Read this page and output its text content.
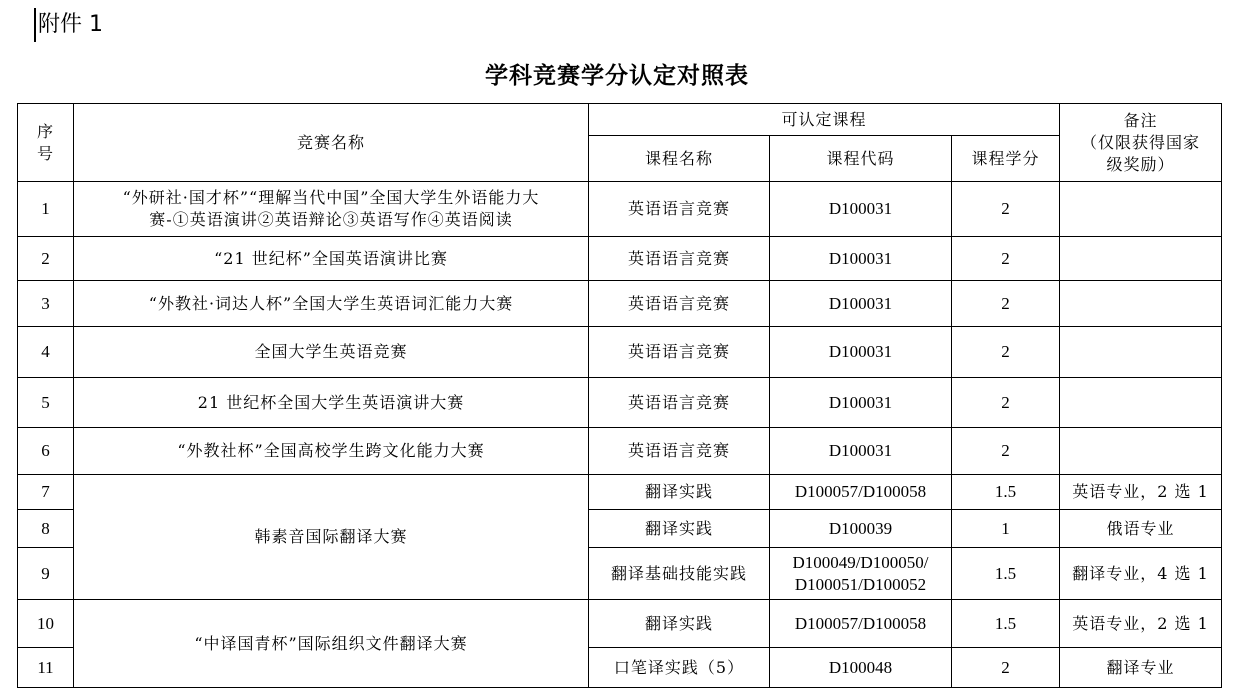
附件 1
学科竞赛学分认定对照表
序
号	竞赛名称	可认定课程			备注
（仅限获得国家
级奖励）

		课程名称	课程代码	课程学分	
1	“外研社·国才杯”“理解当代中国”全国大学生外语能力大
赛-①英语演讲②英语辩论③英语写作④英语阅读	英语语言竞赛	D100031	2	
2	“21 世纪杯”全国英语演讲比赛	英语语言竞赛	D100031	2	
3	“外教社·词达人杯”全国大学生英语词汇能力大赛	英语语言竞赛	D100031	2	
4	全国大学生英语竞赛	英语语言竞赛	D100031	2	
5	21 世纪杯全国大学生英语演讲大赛	英语语言竞赛	D100031	2	
6	“外教社杯”全国高校学生跨文化能力大赛	英语语言竞赛	D100031	2	
7	韩素音国际翻译大赛	翻译实践	D100057/D100058	1.5	英语专业，2 选 1
8		翻译实践	D100039	1	俄语专业
9		翻译基础技能实践	D100049/D100050/
D100051/D100052	1.5	翻译专业，4 选 1
10	“中译国青杯”国际组织文件翻译大赛	翻译实践	D100057/D100058	1.5	英语专业，2 选 1
11		口笔译实践（5）	D100048	2	翻译专业
